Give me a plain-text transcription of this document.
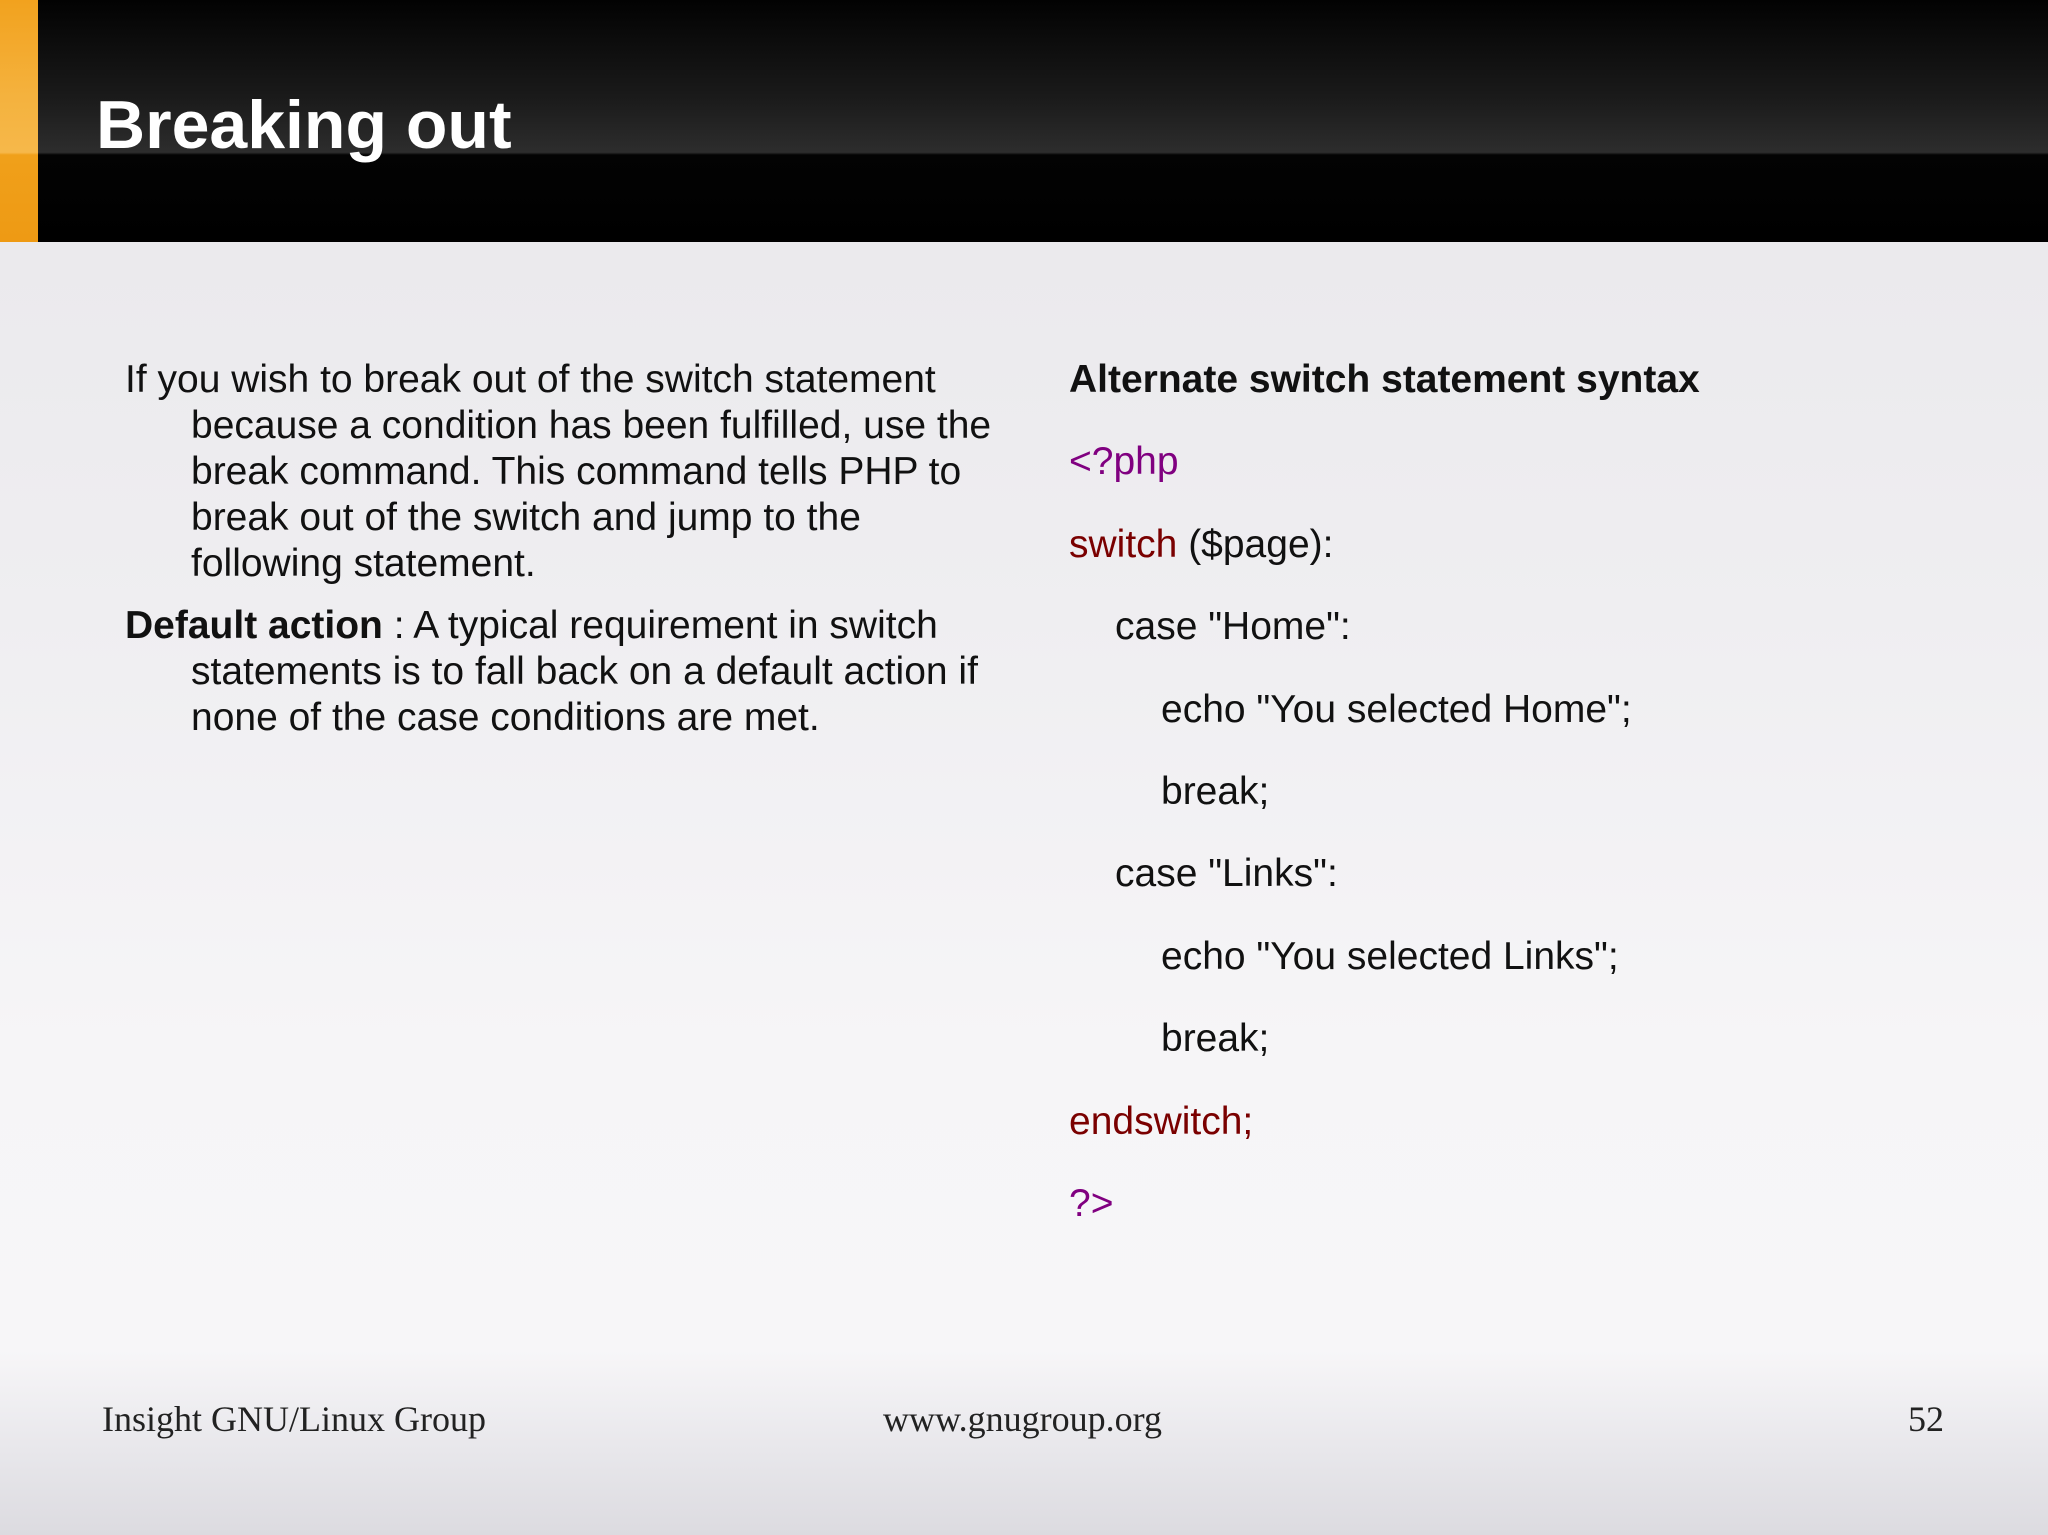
Breaking out

If you wish to break out of the switch statement because a condition has been fulfilled, use the break command. This command tells PHP to break out of the switch and jump to the following statement.

Default action : A typical requirement in switch statements is to fall back on a default action if none of the case conditions are met.

Alternate switch statement syntax
<?php
switch ($page):
case "Home":
echo "You selected Home";
break;
case "Links":
echo "You selected Links";
break;
endswitch;
?>
Insight GNU/Linux Group	www.gnugroup.org	52
